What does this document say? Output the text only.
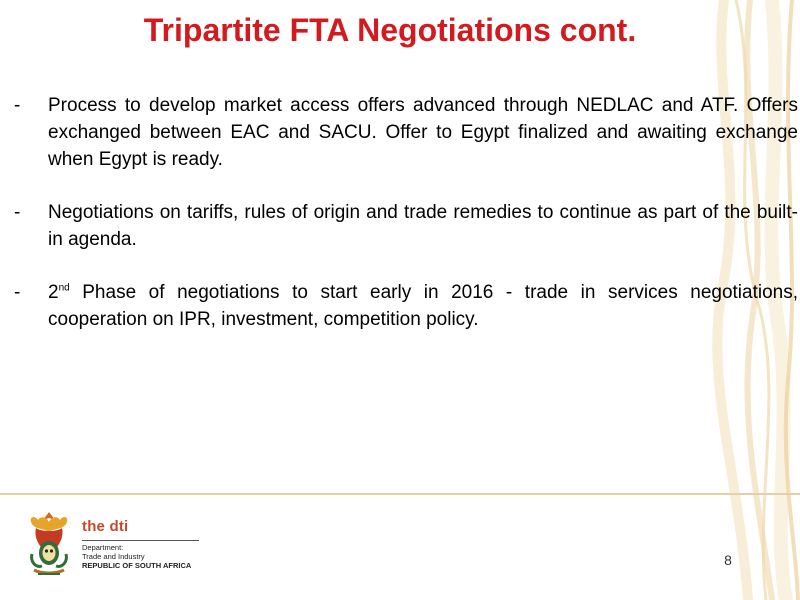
Tripartite FTA Negotiations cont.
-	Process to develop market access offers advanced through NEDLAC and ATF. Offers exchanged between EAC and SACU. Offer to Egypt finalized and awaiting exchange when Egypt is ready.
-	Negotiations on tariffs, rules of origin and trade remedies to continue as part of the built-in agenda.
-	2nd Phase of negotiations to start early in 2016 - trade in services negotiations, cooperation on IPR, investment, competition policy.
the dti
Department:
Trade and Industry
REPUBLIC OF SOUTH AFRICA	8
